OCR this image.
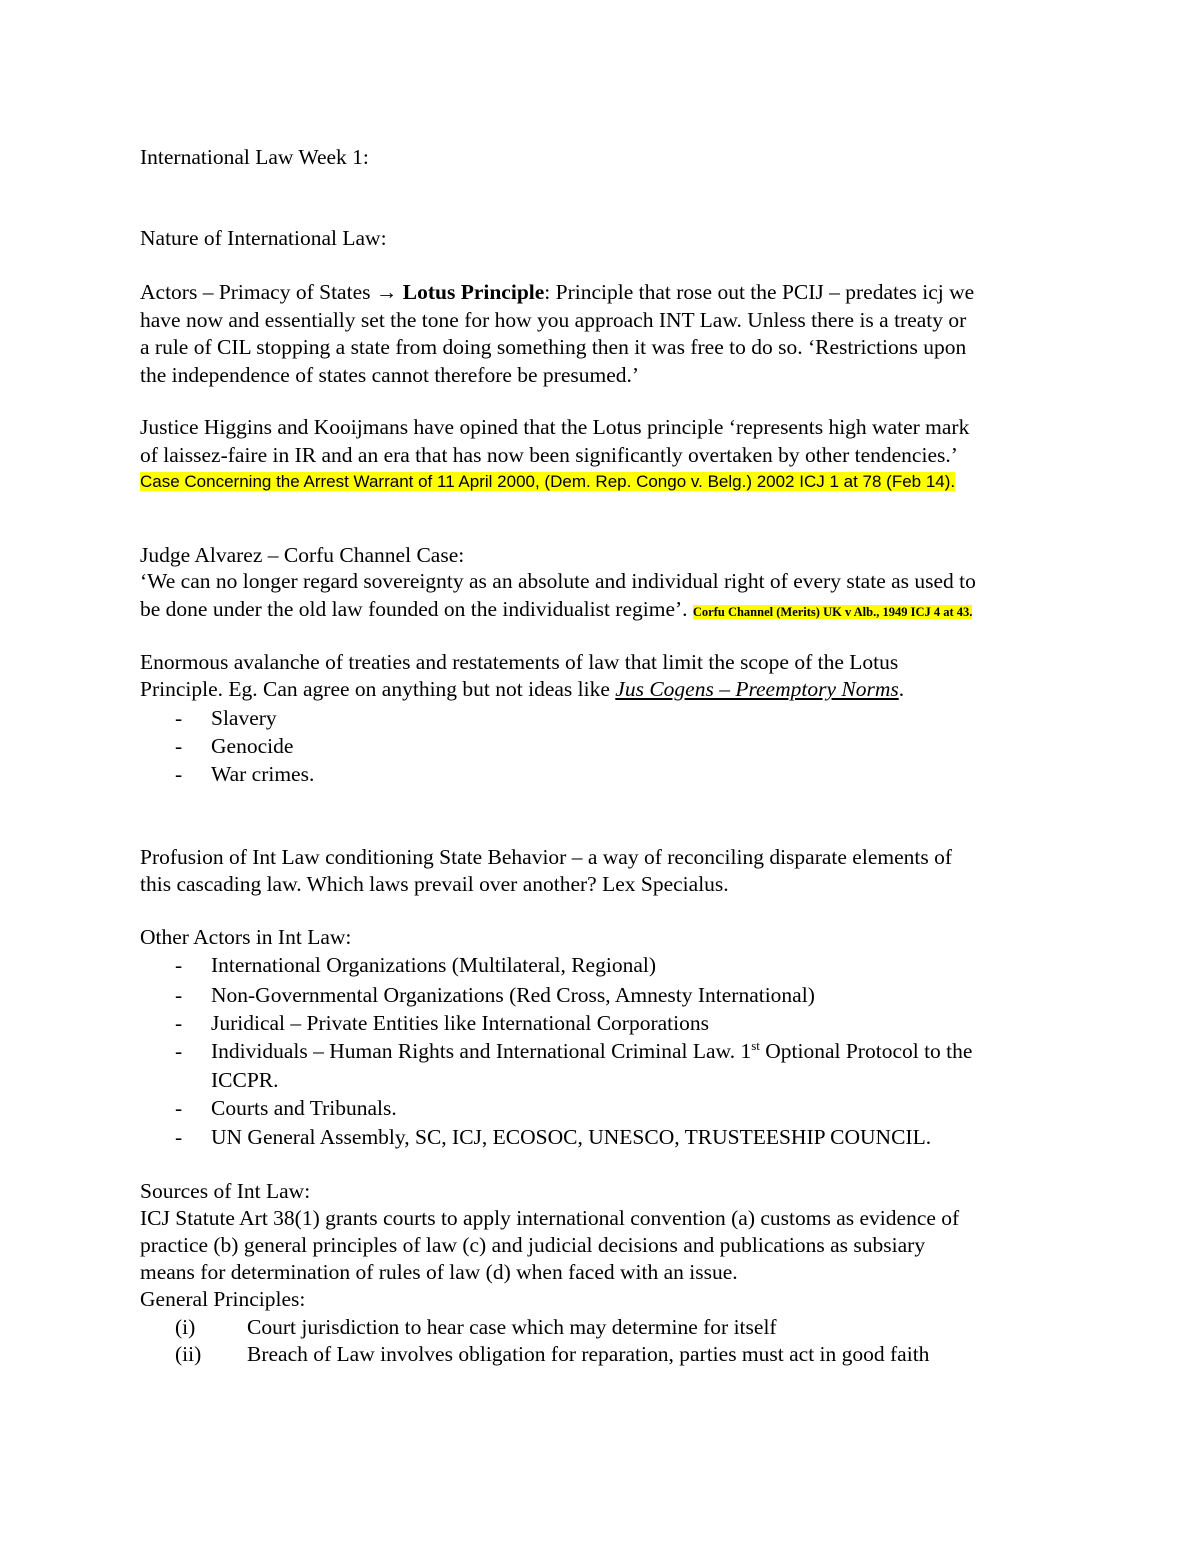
International Law Week 1:
Nature of International Law:
Actors – Primacy of States → Lotus Principle: Principle that rose out the PCIJ – predates icj we
have now and essentially set the tone for how you approach INT Law. Unless there is a treaty or
a rule of CIL stopping a state from doing something then it was free to do so. ‘Restrictions upon
the independence of states cannot therefore be presumed.’
Justice Higgins and Kooijmans have opined that the Lotus principle ‘represents high water mark
of laissez-faire in IR and an era that has now been significantly overtaken by other tendencies.’
Case Concerning the Arrest Warrant of 11 April 2000, (Dem. Rep. Congo v. Belg.) 2002 ICJ 1 at 78 (Feb 14).
Judge Alvarez – Corfu Channel Case:
‘We can no longer regard sovereignty as an absolute and individual right of every state as used to
be done under the old law founded on the individualist regime’. Corfu Channel (Merits) UK v Alb., 1949 ICJ 4 at 43.
Enormous avalanche of treaties and restatements of law that limit the scope of the Lotus
Principle. Eg. Can agree on anything but not ideas like Jus Cogens – Preemptory Norms.
- Slavery
- Genocide
- War crimes.
Profusion of Int Law conditioning State Behavior – a way of reconciling disparate elements of
this cascading law. Which laws prevail over another? Lex Specialus.
Other Actors in Int Law:
- International Organizations (Multilateral, Regional)
- Non-Governmental Organizations (Red Cross, Amnesty International)
- Juridical – Private Entities like International Corporations
- Individuals – Human Rights and International Criminal Law. 1st Optional Protocol to the
ICCPR.
- Courts and Tribunals.
- UN General Assembly, SC, ICJ, ECOSOC, UNESCO, TRUSTEESHIP COUNCIL.
Sources of Int Law:
ICJ Statute Art 38(1) grants courts to apply international convention (a) customs as evidence of
practice (b) general principles of law (c) and judicial decisions and publications as subsiary
means for determination of rules of law (d) when faced with an issue.
General Principles:
(i) Court jurisdiction to hear case which may determine for itself
(ii) Breach of Law involves obligation for reparation, parties must act in good faith
